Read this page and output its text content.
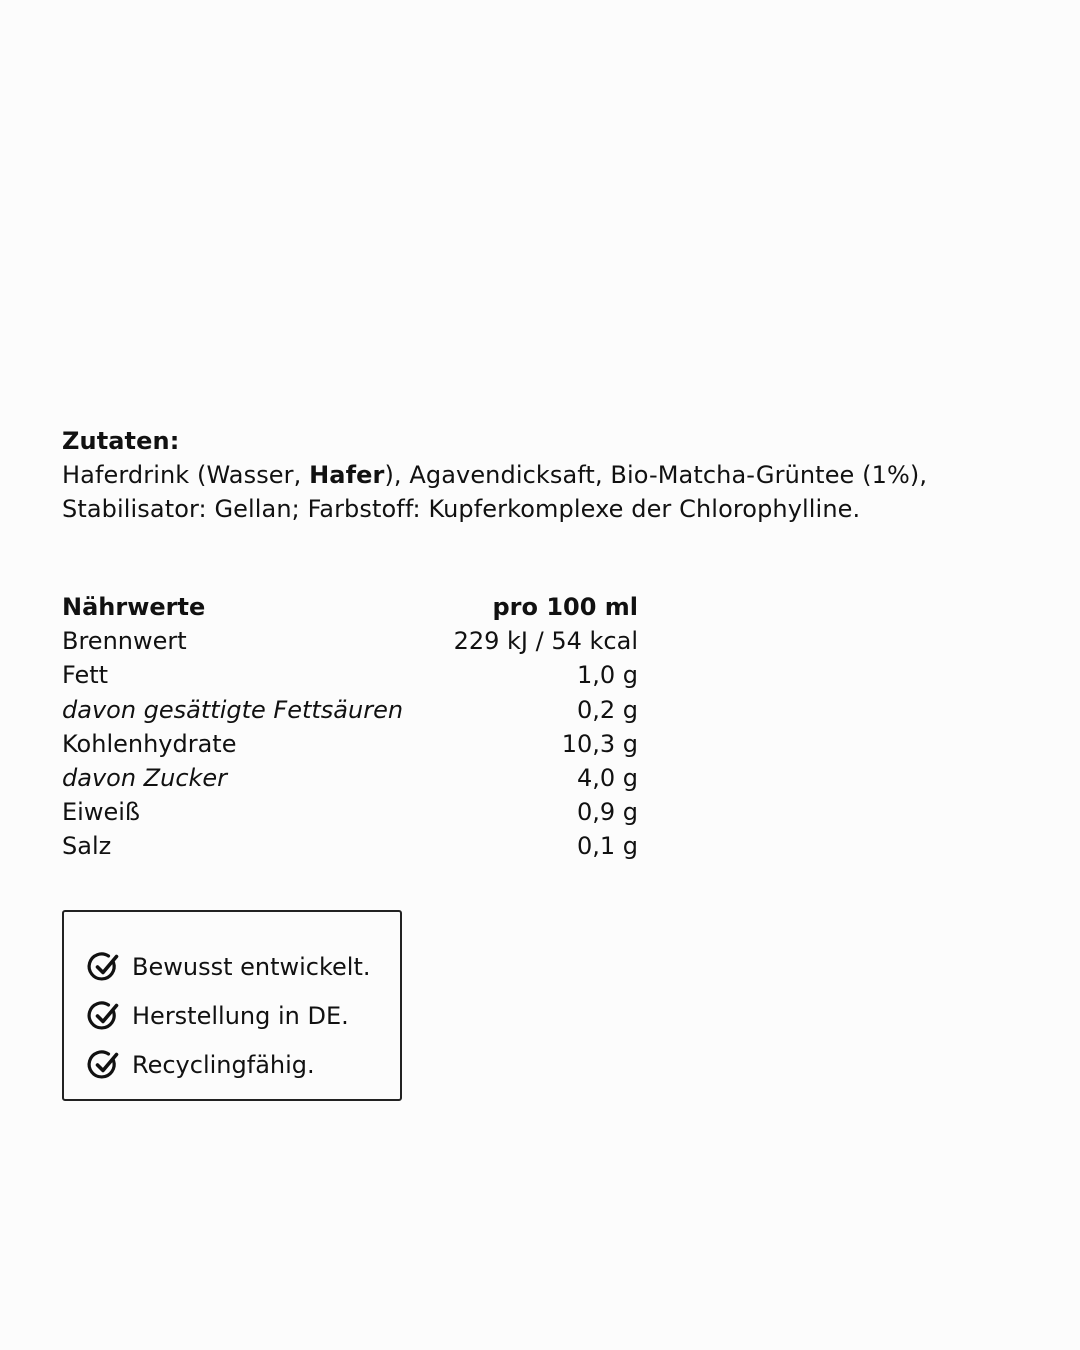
Zutaten:
Haferdrink (Wasser, Hafer), Agavendicksaft, Bio-Matcha-Grüntee (1%),
Stabilisator: Gellan; Farbstoff: Kupferkomplexe der Chlorophylline.
Nährwerte	pro 100 ml
Brennwert	229 kJ / 54 kcal
Fett	1,0 g
davon gesättigte Fettsäuren	0,2 g
Kohlenhydrate	10,3 g
davon Zucker	4,0 g
Eiweiß	0,9 g
Salz	0,1 g
Bewusst entwickelt.
Herstellung in DE.
Recyclingfähig.
